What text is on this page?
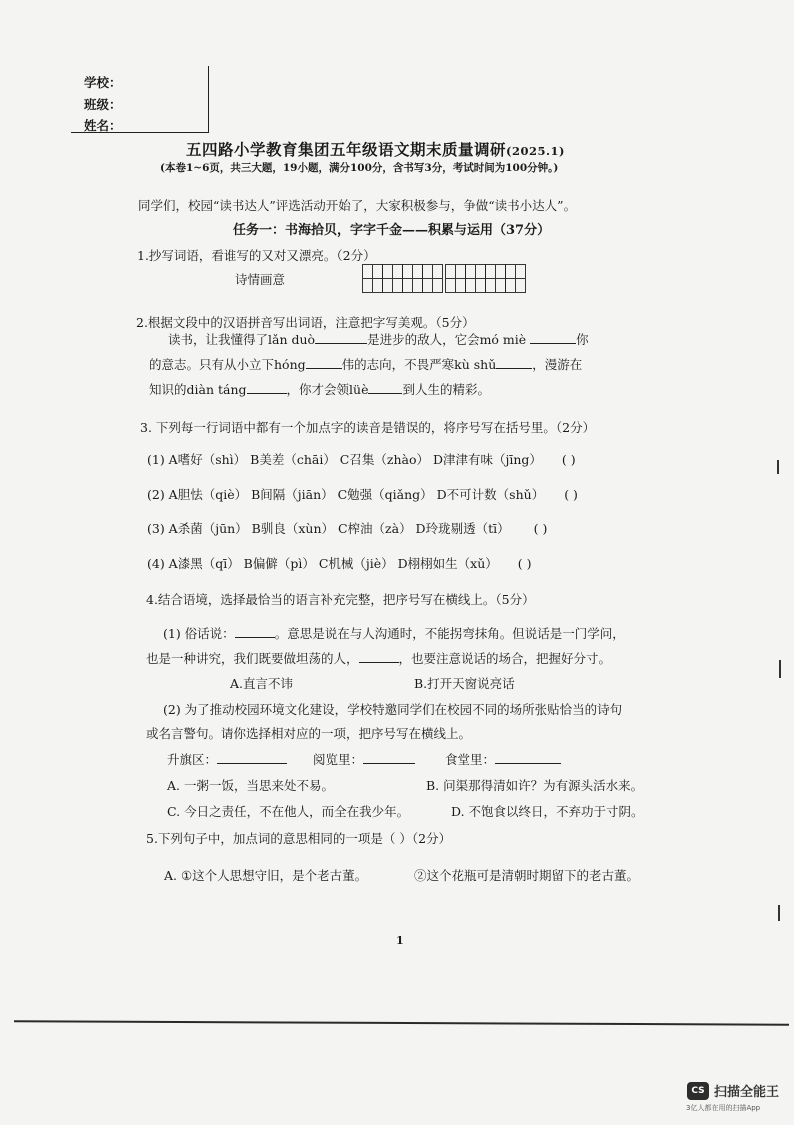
学校：
班级：
姓名：
五四路小学教育集团五年级语文期末质量调研(2025.1)
(本卷1~6页，共三大题，19小题，满分100分，含书写3分，考试时间为100分钟。)
同学们，校园“读书达人”评选活动开始了，大家积极参与，争做“读书小达人”。
任务一：书海拾贝，字字千金——积累与运用（37分）
1.抄写词语，看谁写的又对又漂亮。（2分）
诗情画意
2.根据文段中的汉语拼音写出词语，注意把字写美观。（5分）
读书，让我懂得了lǎn duò	是进步的敌人，它会mó miè	你
的意志。只有从小立下hóng	伟的志向，不畏严寒kù shǔ	，漫游在
知识的diàn táng	，你才会领lüè	到人生的精彩。
3. 下列每一行词语中都有一个加点字的读音是错误的，将序号写在括号里。（2分）
(1) A嗜好（shì） B美差（chāi） C召集（zhào） D津津有味（jīng） ( )
(2) A胆怯（qiè） B间隔（jiān） C勉强（qiǎng） D不可计数（shǔ） ( )
(3) A杀菌（jūn） B驯良（xùn） C榨油（zà） D玲珑剔透（tī） ( )
(4) A漆黑（qī） B偏僻（pì） C机械（jiè） D栩栩如生（xǔ） ( )
4.结合语境，选择最恰当的语言补充完整，把序号写在横线上。（5分）
(1) 俗话说：	。意思是说在与人沟通时，不能拐弯抹角。但说话是一门学问，
也是一种讲究，我们既要做坦荡的人，	，也要注意说话的场合，把握好分寸。
A.直言不讳	B.打开天窗说亮话
(2) 为了推动校园环境文化建设，学校特邀同学们在校园不同的场所张贴恰当的诗句
或名言警句。请你选择相对应的一项，把序号写在横线上。
升旗区：	阅览里：	食堂里：
A. 一粥一饭，当思来处不易。	B. 问渠那得清如许？为有源头活水来。
C. 今日之责任，不在他人，而全在我少年。	D. 不饱食以终日，不弃功于寸阴。
5.下列句子中，加点词的意思相同的一项是（ ）（2分）
A. ①这个人思想守旧，是个老古董。	②这个花瓶可是清朝时期留下的老古董。
1
CS 扫描全能王
3亿人都在用的扫描App
